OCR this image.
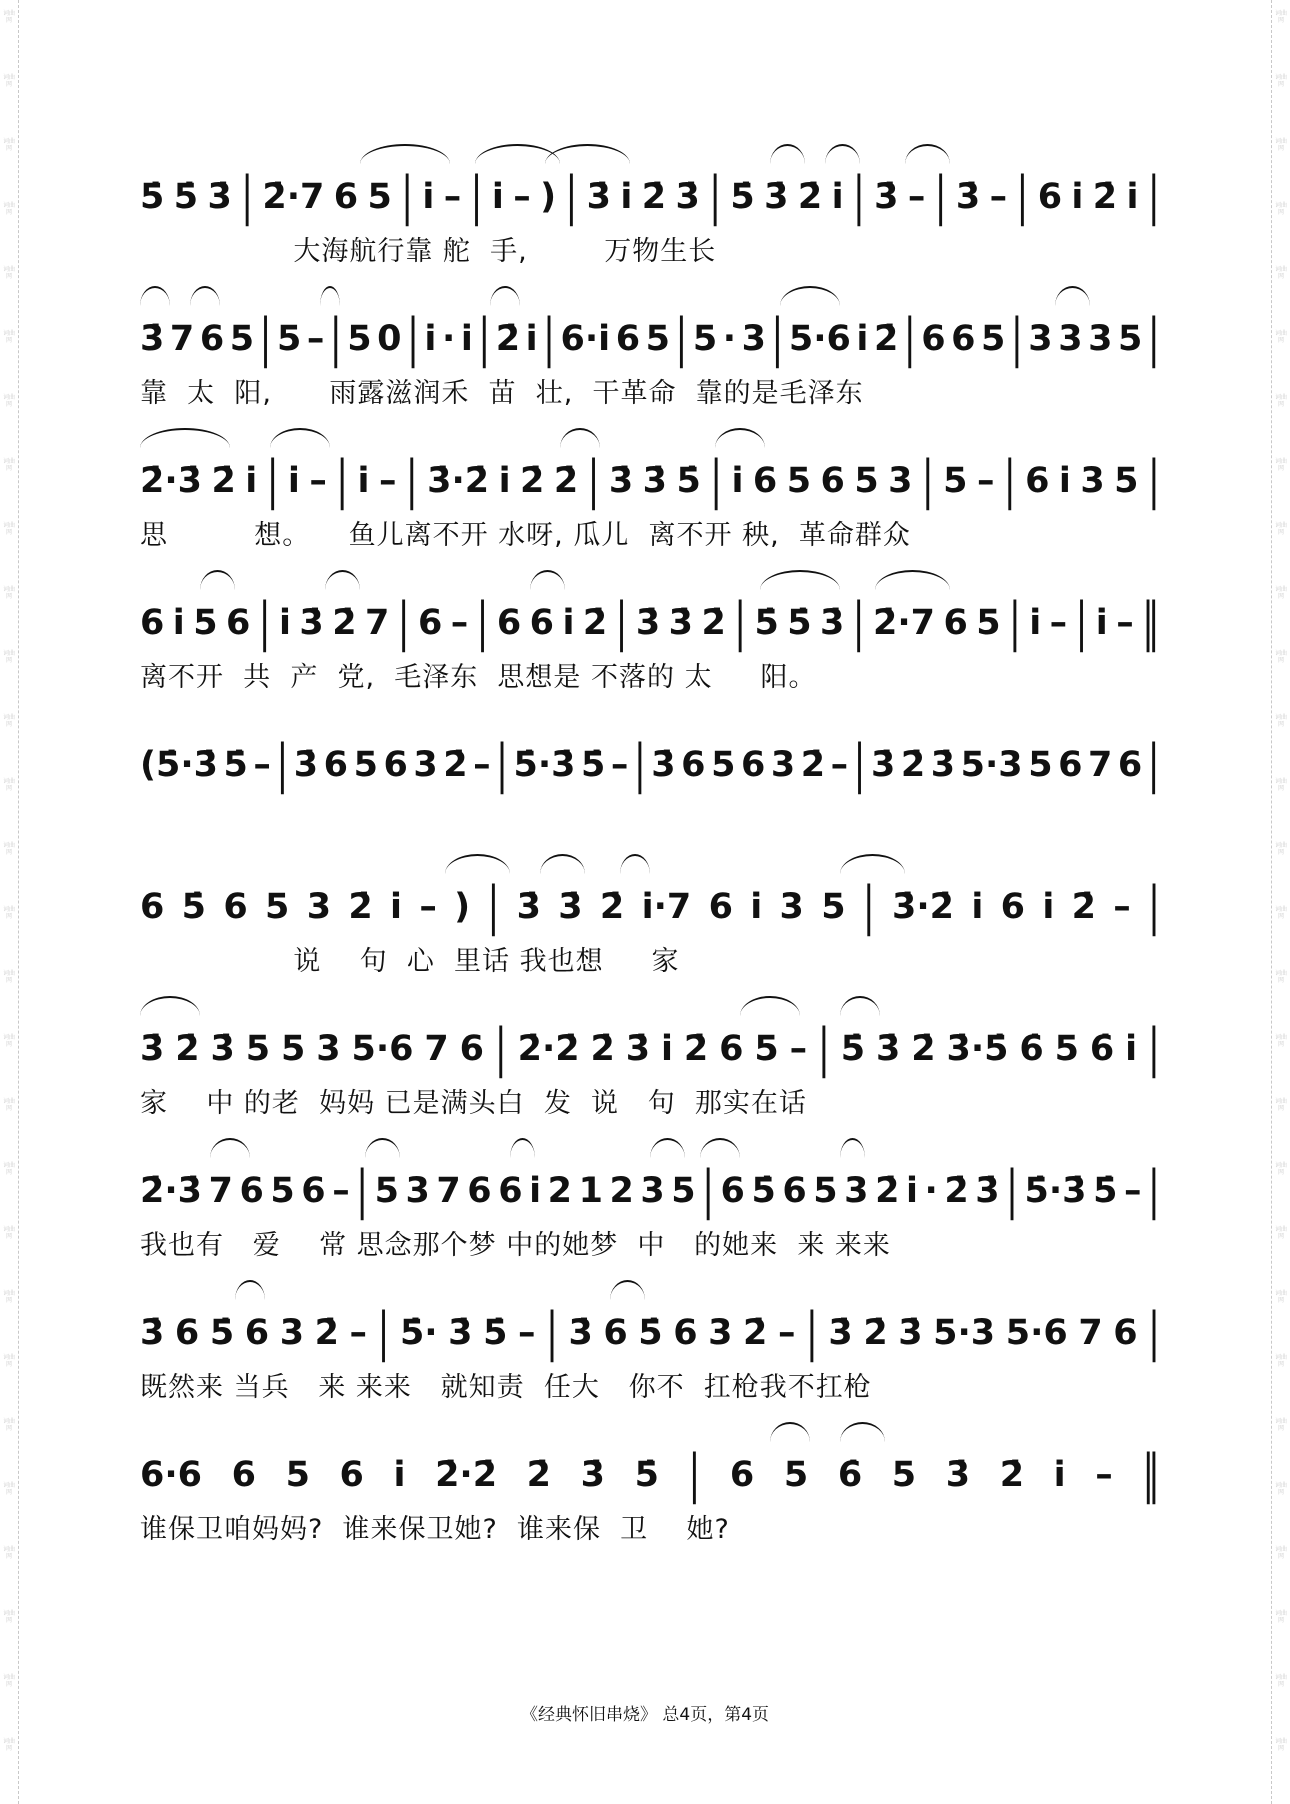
5̇ 5̇ 3̇ | 2̇·7 6 5 | i̇ – | i̇ – ) | 3̇ i̇ 2̇ 3̇ | 5̇ 3̇ 2̇ i̇ | 3̇ – | 3̇ – | 6 i̇ 2̇ i̇ |
大海航行靠 舵  手,        万物生长
3̇ 7 6 5 | 5 – | 5 0 | i̇ · i̇ | 2̇ i̇ | 6·i̇ 6 5 | 5 · 3 | 5·6 i̇ 2̇ | 6 6 5 | 3 3 3 5 |
靠  太  阳,      雨露滋润禾  苗  壮,  干革命  靠的是毛泽东
2̇·3̇ 2̇ i̇ | i̇ – | i̇ – | 3̇·2̇ i̇ 2̇ 2̇ | 3̇ 3̇ 5̇ | i̇ 6 5 6 5 3 | 5 – | 6 i̇ 3 5 |
思         想。    鱼儿离不开 水呀, 瓜儿  离不开 秧,  革命群众
6 i̇ 5 6 | i̇ 3̇ 2̇ 7 | 6 – | 6 6 i̇ 2̇ | 3̇ 3̇ 2̇ | 5̇ 5̇ 3̇ | 2̇·7 6 5 | i̇ – | i̇ – ‖
离不开  共  产  党,  毛泽东  思想是 不落的 太     阳。
(5̇·3̇ 5̇ – | 3̇ 6 5 6 3 2̇ – | 5̇·3̇ 5̇ – | 3̇ 6 5 6 3 2̇ – | 3̇ 2̇ 3̇ 5·3 5 6 7 6 |
6 5̇ 6 5 3 2̇ i̇ – ) | 3̇ 3̇ 2̇ i̇·7 6 i̇ 3 5 | 3̇·2̇ i̇ 6 i̇ 2̇ – |
说    句  心  里话 我也想     家
3̇ 2̇ 3̇ 5 5 3 5·6 7 6 | 2̇·2̇ 2̇ 3̇ i̇ 2̇ 6 5 – | 5̇ 3̇ 2̇ 3̇·5̇ 6̇ 5 6̇ i̇ |
家    中 的老  妈妈 已是满头白  发  说   句  那实在话
2̇·3̇ 7 6 5 6 – | 5 3 7 6 6 i̇ 2 1 2 3 5 | 6 5̇ 6 5 3 2̇ i̇ · 2̇ 3̇ | 5̇·3̇ 5̇ – |
我也有   爱    常 思念那个梦 中的她梦  中   的她来  来 来来
3̇ 6 5̇ 6 3 2̇ – | 5̇· 3̇ 5̇ – | 3̇ 6 5̇ 6 3 2̇ – | 3̇ 2̇ 3̇ 5·3 5·6 7 6 |
既然来 当兵   来 来来   就知责  任大   你不  扛枪我不扛枪
6·6 6 5 6 i̇ 2̇·2̇ 2̇ 3̇ 5̇ | 6 5 6̇ 5 3̇ 2̇ i̇ – ‖
谁保卫咱妈妈?  谁来保卫她?  谁来保  卫    她?
《经典怀旧串烧》 总4页，第4页
词曲网
词曲网
词曲网
词曲网
词曲网
词曲网
词曲网
词曲网
词曲网
词曲网
词曲网
词曲网
词曲网
词曲网
词曲网
词曲网
词曲网
词曲网
词曲网
词曲网
词曲网
词曲网
词曲网
词曲网
词曲网
词曲网
词曲网
词曲网
词曲网
词曲网
词曲网
词曲网
词曲网
词曲网
词曲网
词曲网
词曲网
词曲网
词曲网
词曲网
词曲网
词曲网
词曲网
词曲网
词曲网
词曲网
词曲网
词曲网
词曲网
词曲网
词曲网
词曲网
词曲网
词曲网
词曲网
词曲网
